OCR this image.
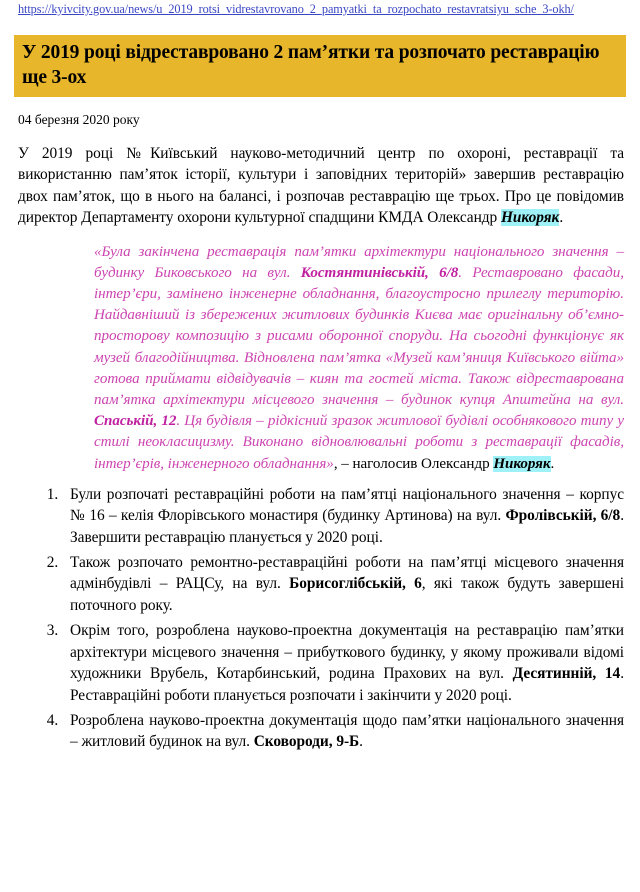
https://kyivcity.gov.ua/news/u_2019_rotsi_vidrestavrovano_2_pamyatki_ta_rozpochato_restavratsiyu_sche_3-okh/
У 2019 році відреставровано 2 пам’ятки та розпочато реставрацію ще 3-ох
04 березня 2020 року

У 2019 році №Київський науково-методичний центр по охороні, реставрації та використанню пам’яток історії, культури і заповідних територій» завершив реставрацію двох пам’яток, що в нього на балансі, і розпочав реставрацію ще трьох. Про це повідомив директор Департаменту охорони культурної спадщини КМДА Олександр Никоряк.

«Була закінчена реставрація пам’ятки архітектури національного значення – будинку Биковського на вул. Костянтинівській, 6/8. Реставровано фасади, інтер’єри, замінено інженерне обладнання, благоустросно прилеглу територію. Найдавніший із збережених житлових будинків Києва має оригінальну об’ємно-просторову композицію з рисами оборонної споруди. На сьогодні функціонує як музей благодійництва. Відновлена пам’ятка «Музей кам’яниця Київського війта» готова приймати відвідувачів – киян та гостей міста. Також відреставрована пам’ятка архітектури місцевого значення – будинок купця Апштейна на вул. Спаській, 12. Ця будівля – рідкісний зразок житлової будівлі особнякового типу у стилі неокласицизму. Виконано відновлювальні роботи з реставрації фасадів, інтер’єрів, інженерного обладнання», – наголосив Олександр Никоряк.

1. Були розпочаті реставраційні роботи на пам’ятці національного значення – корпус № 16 – келія Флорівського монастиря (будинку Артинова) на вул. Фролівській, 6/8. Завершити реставрацію планується у 2020 році.
2. Також розпочато ремонтно-реставраційні роботи на пам’ятці місцевого значення адмінбудівлі – РАЦСу, на вул. Борисоглібській, 6, які також будуть завершені поточного року.
3. Окрім того, розроблена науково-проектна документація на реставрацію пам’ятки архітектури місцевого значення – прибуткового будинку, у якому проживали відомі художники Врубель, Котарбинський, родина Прахових на вул. Десятинній, 14. Реставраційні роботи планується розпочати і закінчити у 2020 році.
4. Розроблена науково-проектна документація щодо пам’ятки національного значення – житловий будинок на вул. Сковороди, 9-Б.
